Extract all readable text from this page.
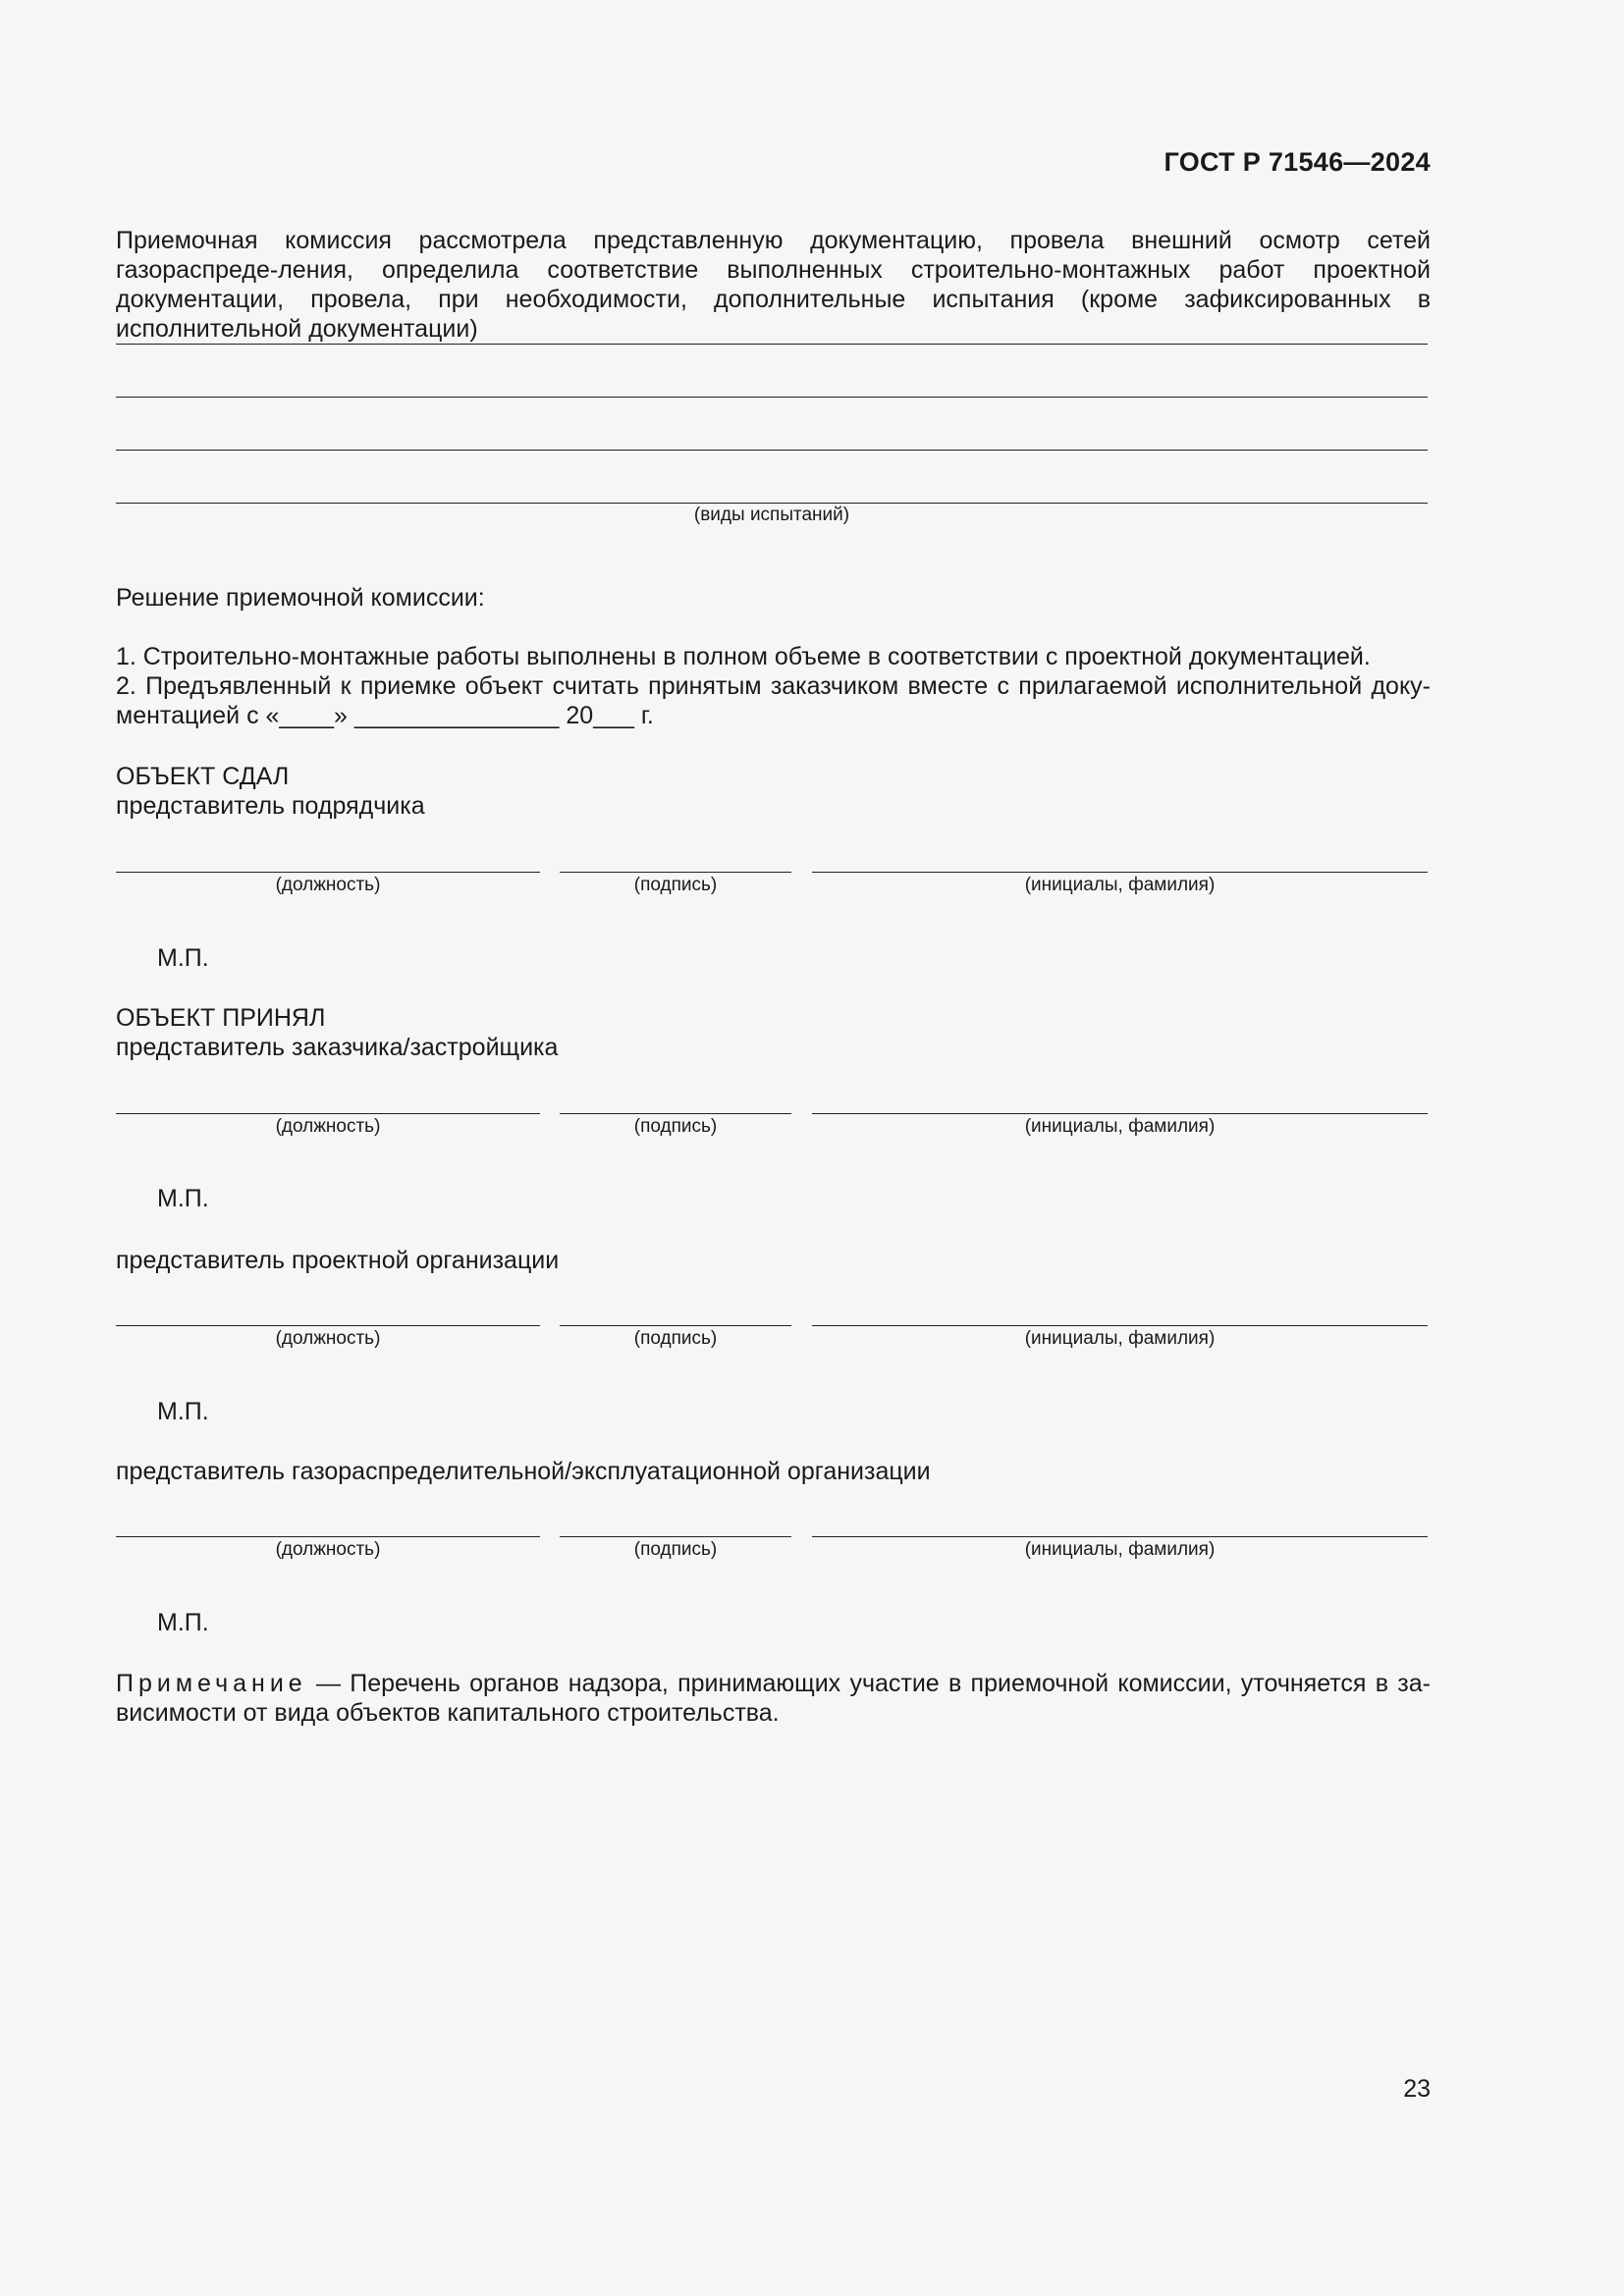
ГОСТ Р 71546—2024
Приемочная комиссия рассмотрела представленную документацию, провела внешний осмотр сетей газораспреде-ления, определила соответствие выполненных строительно-монтажных работ проектной документации, провела, при необходимости, дополнительные испытания (кроме зафиксированных в исполнительной документации)
(виды испытаний)
Решение приемочной комиссии:
1. Строительно-монтажные работы выполнены в полном объеме в соответствии с проектной документацией.
2. Предъявленный к приемке объект считать принятым заказчиком вместе с прилагаемой исполнительной доку-ментацией с «____» _______________ 20___ г.
ОБЪЕКТ СДАЛ
представитель подрядчика
(должность)	(подпись)	(инициалы, фамилия)
М.П.
ОБЪЕКТ ПРИНЯЛ
представитель заказчика/застройщика
(должность)	(подпись)	(инициалы, фамилия)
М.П.
представитель проектной организации
(должность)	(подпись)	(инициалы, фамилия)
М.П.
представитель газораспределительной/эксплуатационной организации
(должность)	(подпись)	(инициалы, фамилия)
М.П.
Примечание — Перечень органов надзора, принимающих участие в приемочной комиссии, уточняется в за-висимости от вида объектов капитального строительства.
23
